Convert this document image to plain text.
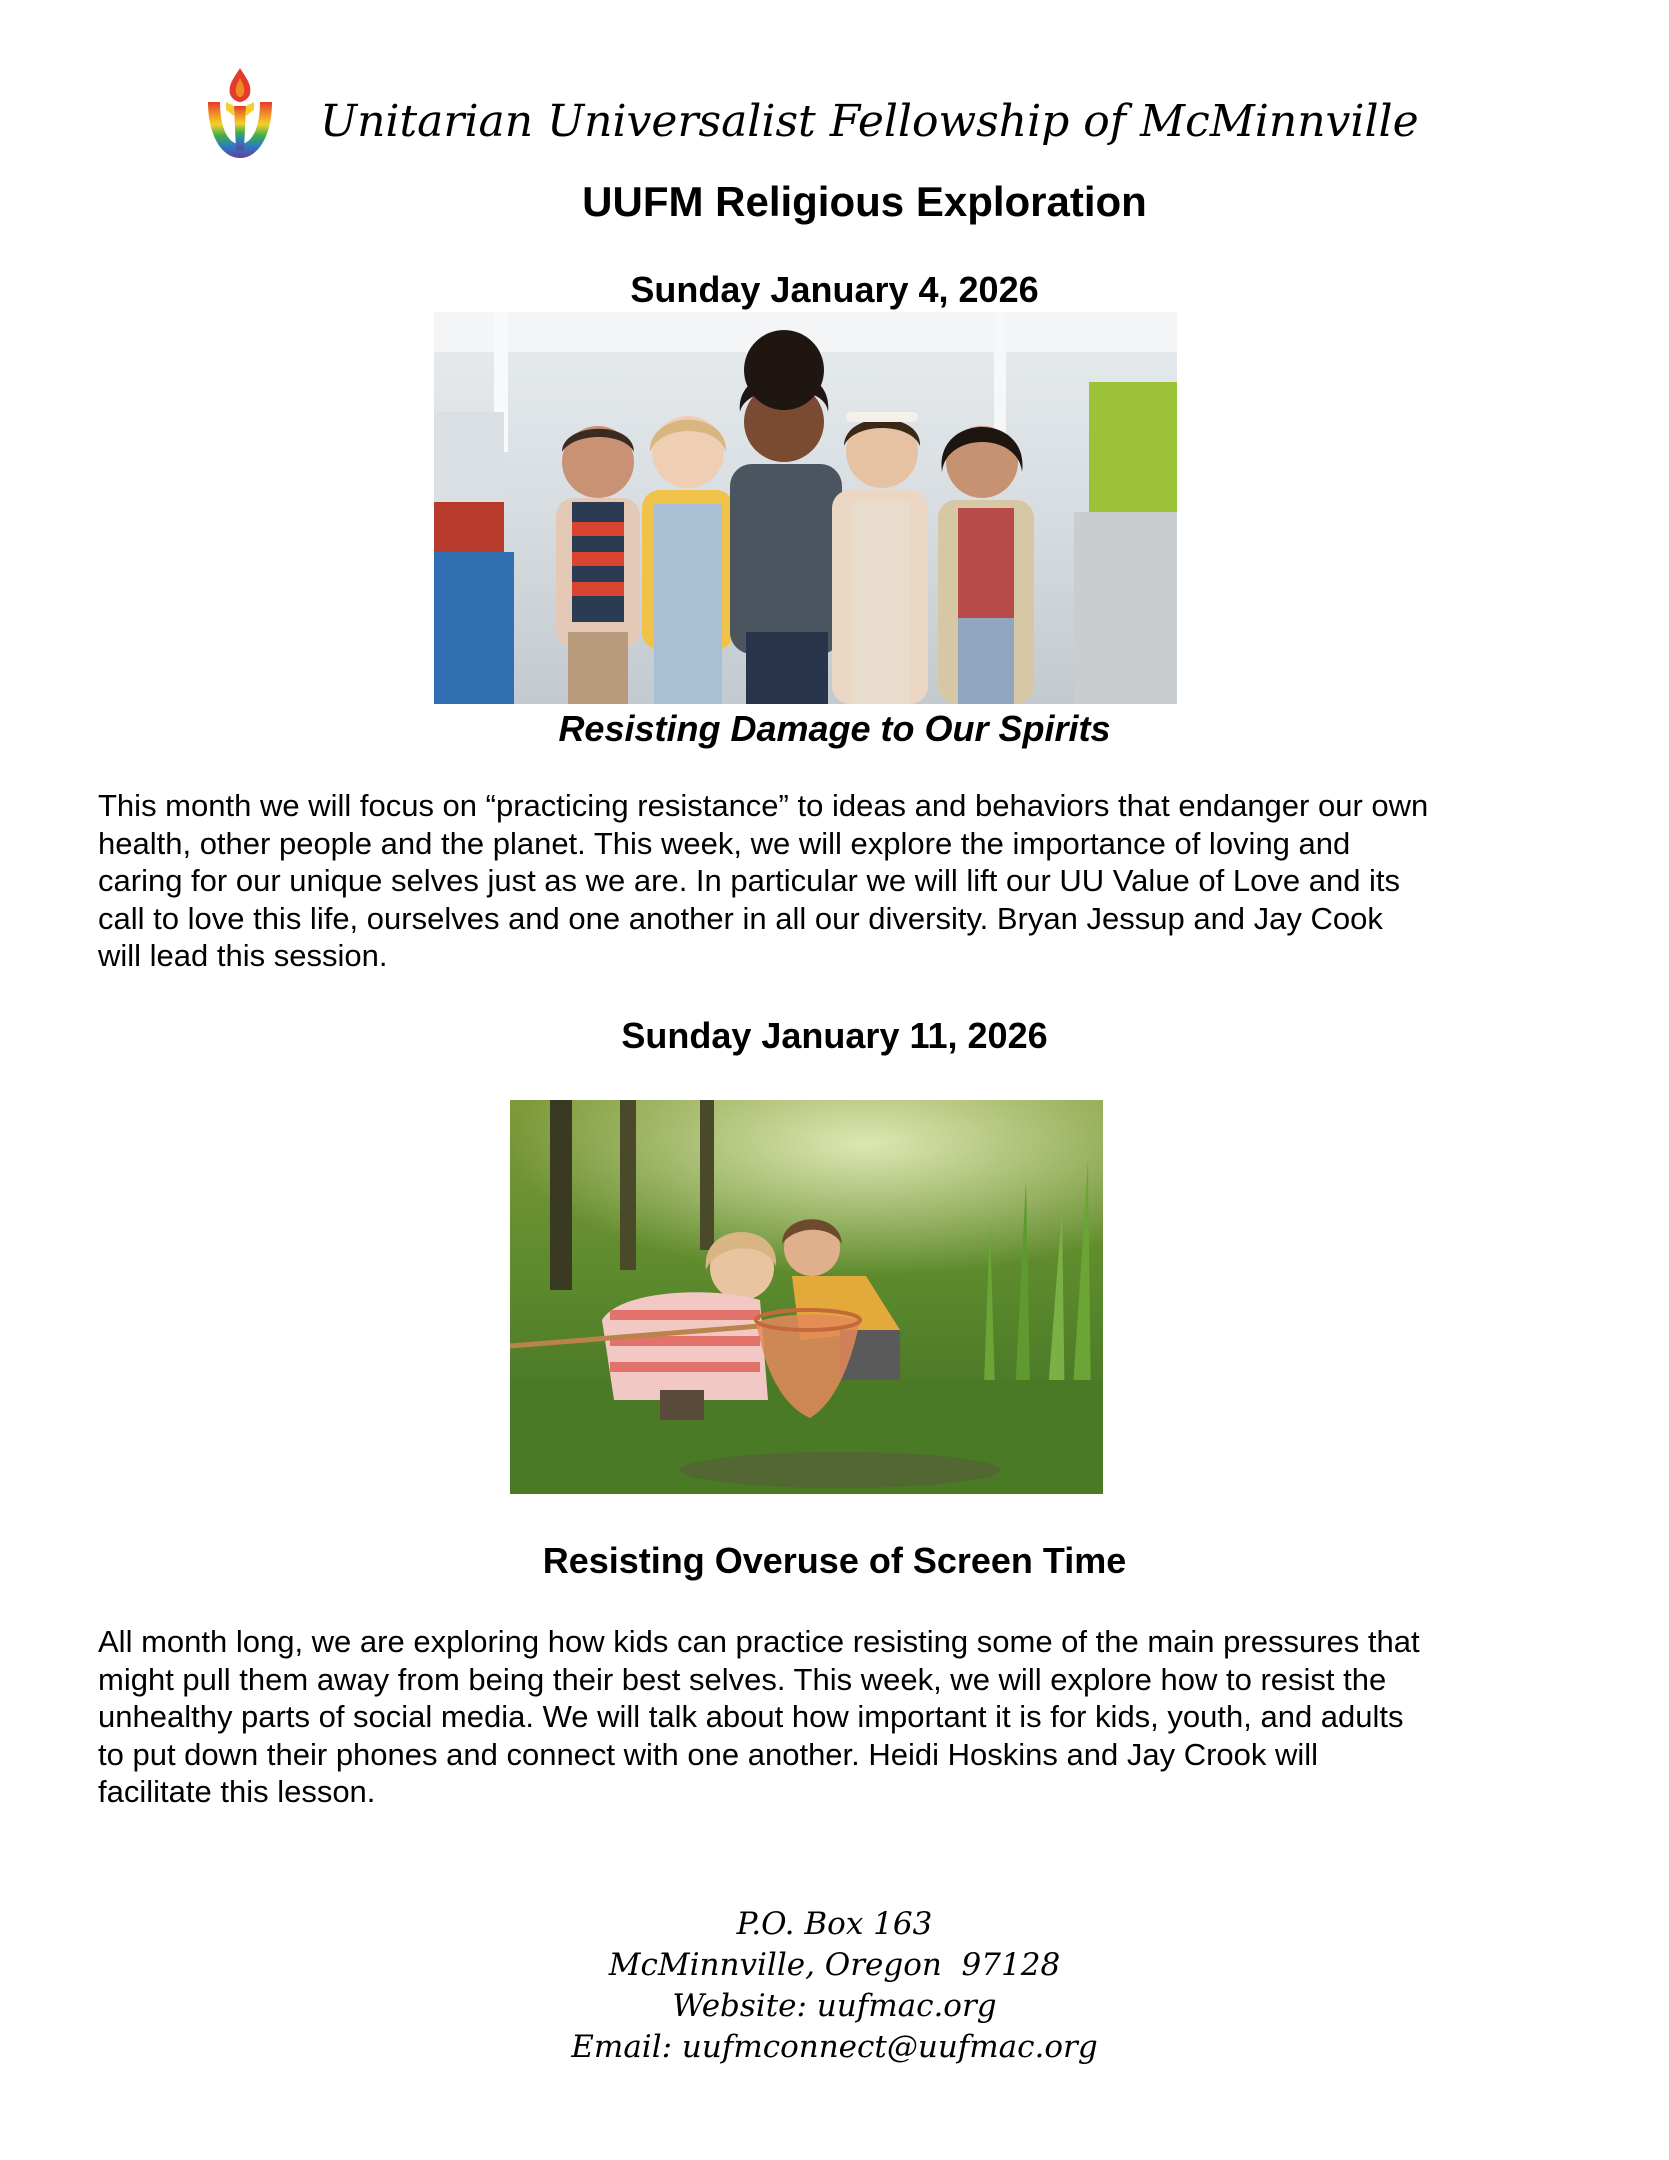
Unitarian Universalist Fellowship of McMinnville
UUFM Religious Exploration
Sunday January 4, 2026
Resisting Damage to Our Spirits
This month we will focus on “practicing resistance” to ideas and behaviors that endanger our own
health, other people and the planet. This week, we will explore the importance of loving and
caring for our unique selves just as we are. In particular we will lift our UU Value of Love and its
call to love this life, ourselves and one another in all our diversity. Bryan Jessup and Jay Cook
will lead this session.
Sunday January 11, 2026
Resisting Overuse of Screen Time
All month long, we are exploring how kids can practice resisting some of the main pressures that
might pull them away from being their best selves. This week, we will explore how to resist the
unhealthy parts of social media. We will talk about how important it is for kids, youth, and adults
to put down their phones and connect with one another. Heidi Hoskins and Jay Crook will
facilitate this lesson.
P.O. Box 163
McMinnville, Oregon  97128
Website: uufmac.org
Email: uufmconnect@uufmac.org
